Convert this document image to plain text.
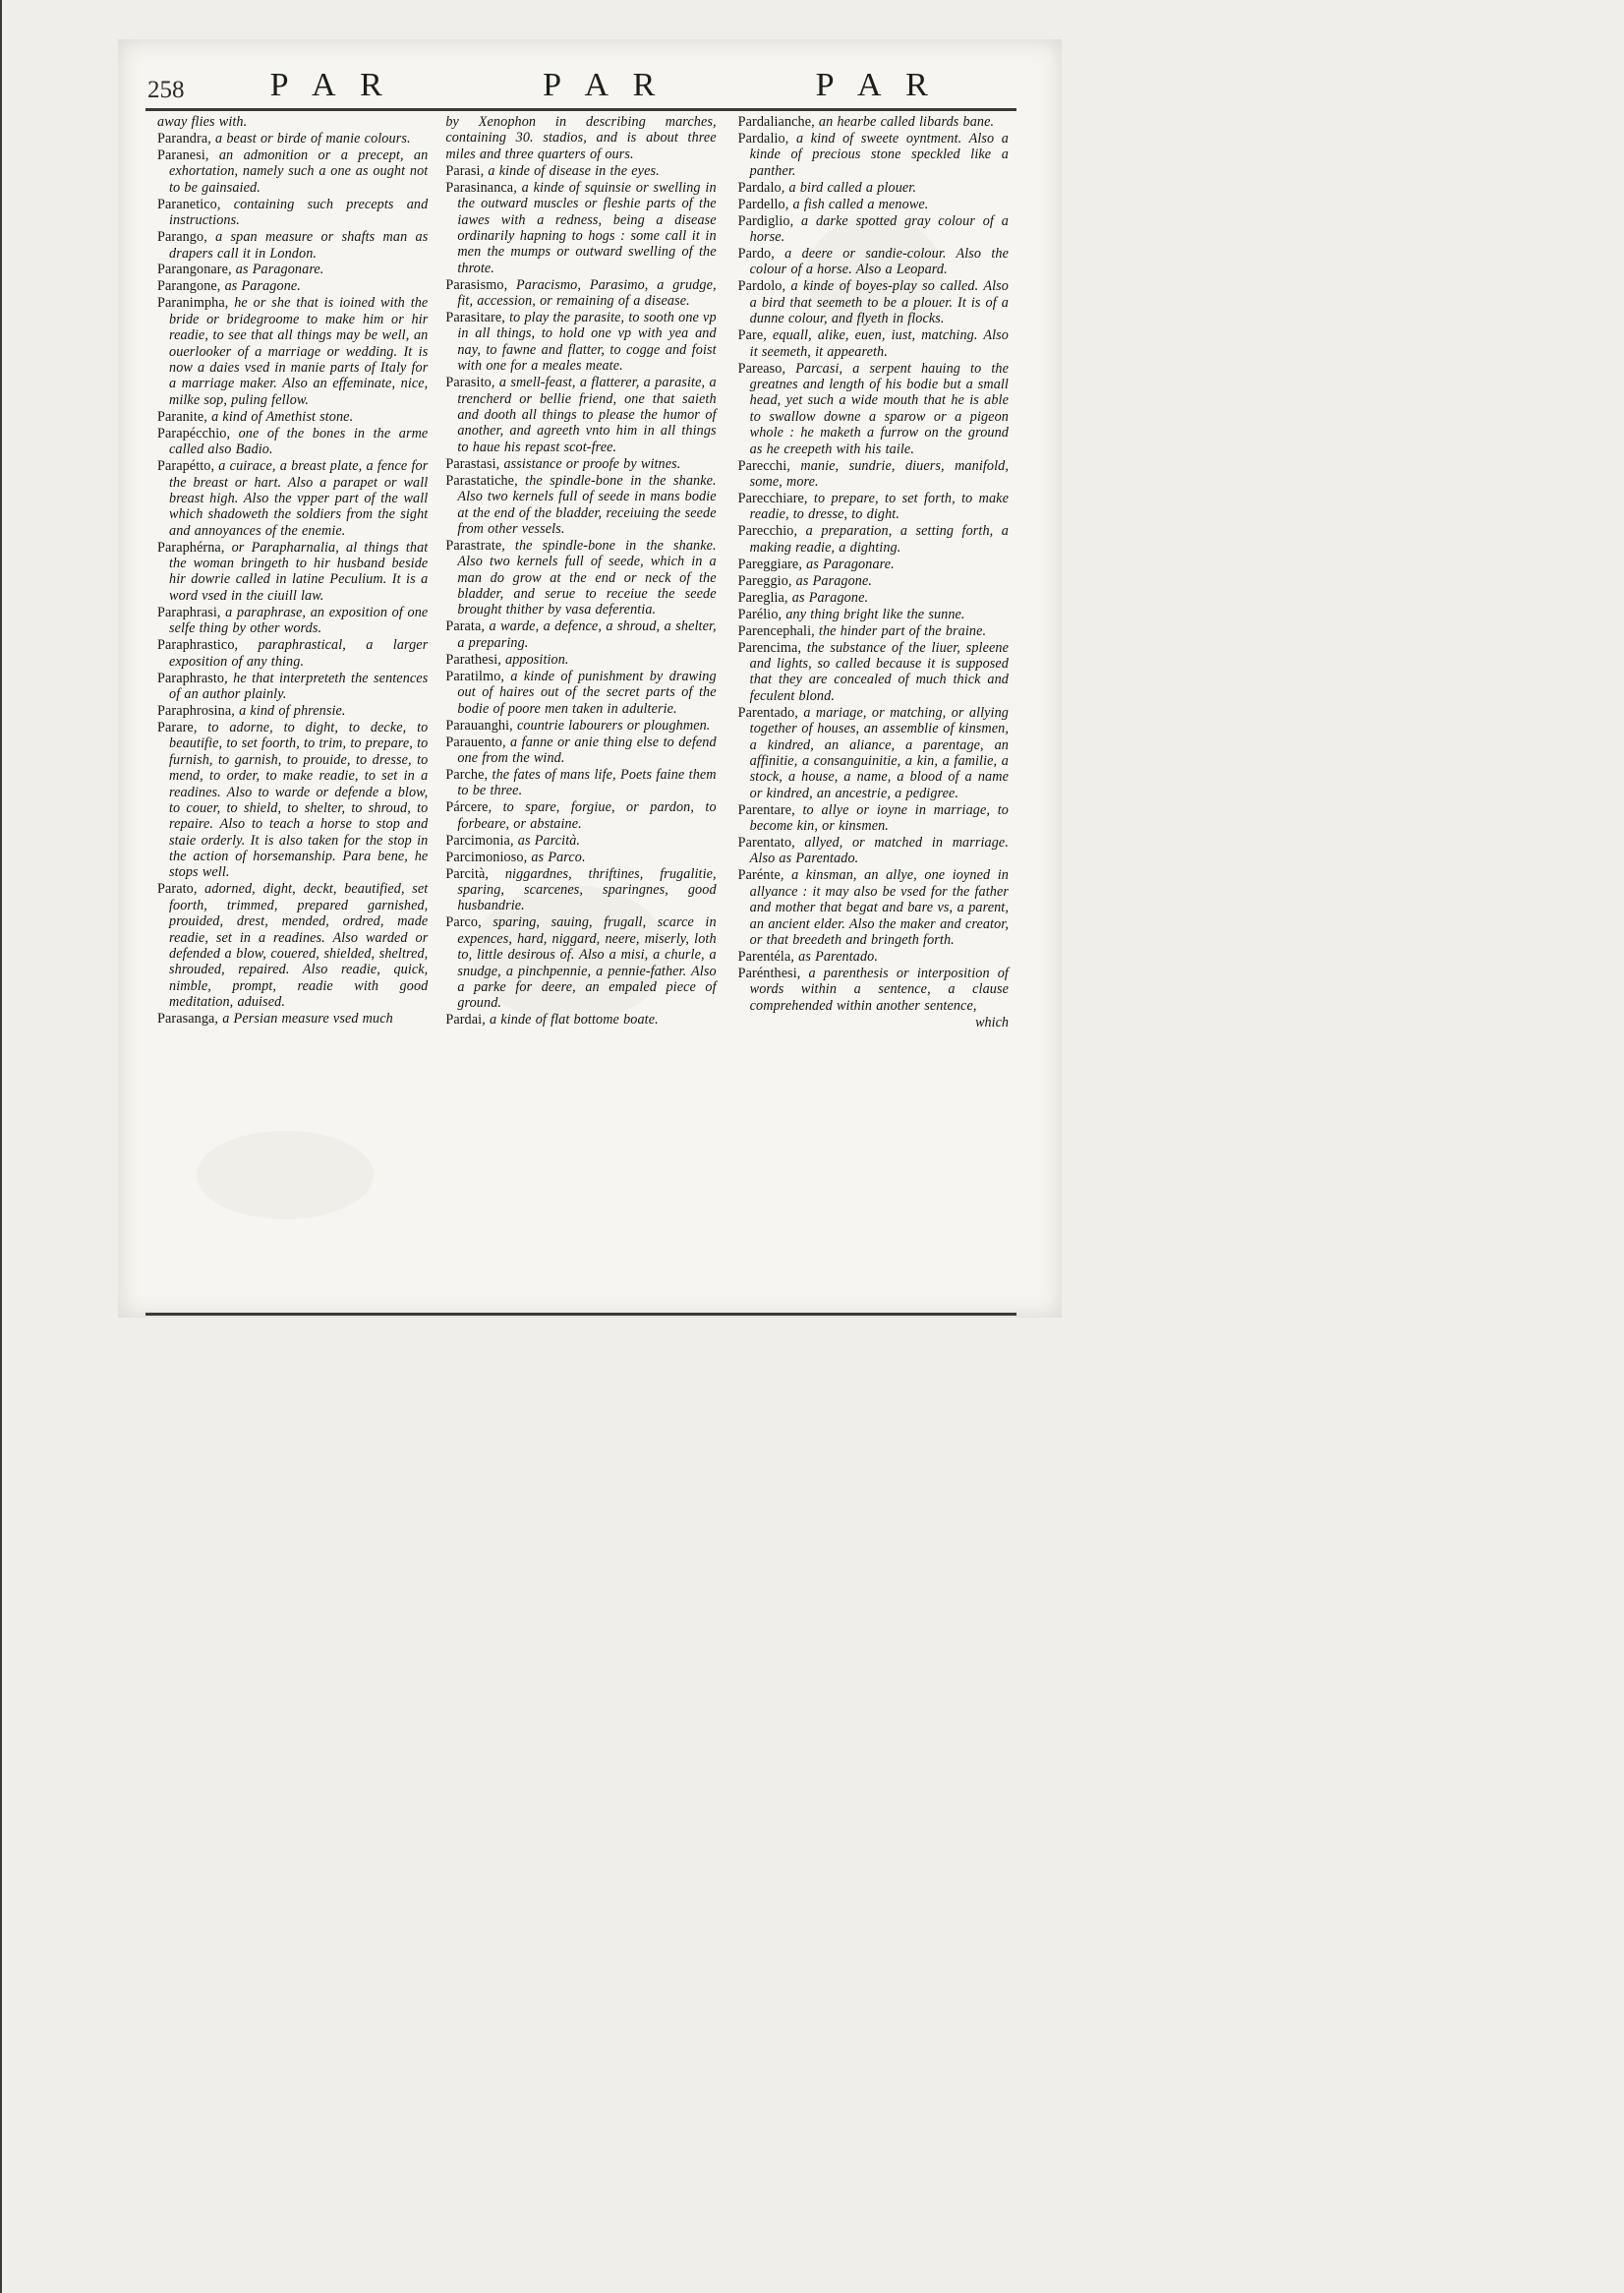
258	P A R	P A R	P A R

away flies with.

Parandra, a beast or birde of manie colours.

Paranesi, an admonition or a precept, an exhortation, namely such a one as ought not to be gainsaied.

Paranetico, containing such precepts and instructions.

Parango, a span measure or shafts man as drapers call it in London.

Parangonare, as Paragonare.

Parangone, as Paragone.

Paranimpha, he or she that is ioined with the bride or bridegroome to make him or hir readie, to see that all things may be well, an ouerlooker of a marriage or wedding. It is now a daies vsed in manie parts of Italy for a marriage maker. Also an effeminate, nice, milke sop, puling fellow.

Paranite, a kind of Amethist stone.

Parapécchio, one of the bones in the arme called also Badio.

Parapétto, a cuirace, a breast plate, a fence for the breast or hart. Also a parapet or wall breast high. Also the vpper part of the wall which shadoweth the soldiers from the sight and annoyances of the enemie.

Paraphérna, or Parapharnalia, al things that the woman bringeth to hir husband beside hir dowrie called in latine Peculium. It is a word vsed in the ciuill law.

Paraphrasi, a paraphrase, an exposition of one selfe thing by other words.

Paraphrastico, paraphrastical, a larger exposition of any thing.

Paraphrasto, he that interpreteth the sentences of an author plainly.

Paraphrosina, a kind of phrensie.

Parare, to adorne, to dight, to decke, to beautifie, to set foorth, to trim, to prepare, to furnish, to garnish, to prouide, to dresse, to mend, to order, to make readie, to set in a readines. Also to warde or defende a blow, to couer, to shield, to shelter, to shroud, to repaire. Also to teach a horse to stop and staie orderly. It is also taken for the stop in the action of horsemanship. Para bene, he stops well.

Parato, adorned, dight, deckt, beautified, set foorth, trimmed, prepared garnished, prouided, drest, mended, ordred, made readie, set in a readines. Also warded or defended a blow, couered, shielded, sheltred, shrouded, repaired. Also readie, quick, nimble, prompt, readie with good meditation, aduised.

Parasanga, a Persian measure vsed much

by Xenophon in describing marches, containing 30. stadios, and is about three miles and three quarters of ours.

Parasi, a kinde of disease in the eyes.

Parasinanca, a kinde of squinsie or swelling in the outward muscles or fleshie parts of the iawes with a redness, being a disease ordinarily hapning to hogs : some call it in men the mumps or outward swelling of the throte.

Parasismo, Paracismo, Parasimo, a grudge, fit, accession, or remaining of a disease.

Parasitare, to play the parasite, to sooth one vp in all things, to hold one vp with yea and nay, to fawne and flatter, to cogge and foist with one for a meales meate.

Parasito, a smell-feast, a flatterer, a parasite, a trencherd or bellie friend, one that saieth and dooth all things to please the humor of another, and agreeth vnto him in all things to haue his repast scot-free.

Parastasi, assistance or proofe by witnes.

Parastatiche, the spindle-bone in the shanke. Also two kernels full of seede in mans bodie at the end of the bladder, receiuing the seede from other vessels.

Parastrate, the spindle-bone in the shanke. Also two kernels full of seede, which in a man do grow at the end or neck of the bladder, and serue to receiue the seede brought thither by vasa deferentia.

Parata, a warde, a defence, a shroud, a shelter, a preparing.

Parathesi, apposition.

Paratilmo, a kinde of punishment by drawing out of haires out of the secret parts of the bodie of poore men taken in adulterie.

Parauanghi, countrie labourers or ploughmen.

Parauento, a fanne or anie thing else to defend one from the wind.

Parche, the fates of mans life, Poets faine them to be three.

Párcere, to spare, forgiue, or pardon, to forbeare, or abstaine.

Parcimonia, as Parcità.

Parcimonioso, as Parco.

Parcità, niggardnes, thriftines, frugalitie, sparing, scarcenes, sparingnes, good husbandrie.

Parco, sparing, sauing, frugall, scarce in expences, hard, niggard, neere, miserly, loth to, little desirous of. Also a misi, a churle, a snudge, a pinchpennie, a pennie-father. Also a parke for deere, an empaled piece of ground.

Pardai, a kinde of flat bottome boate.

Pardalianche, an hearbe called libards bane.

Pardalio, a kind of sweete oyntment. Also a kinde of precious stone speckled like a panther.

Pardalo, a bird called a plouer.

Pardello, a fish called a menowe.

Pardiglio, a darke spotted gray colour of a horse.

Pardo, a deere or sandie-colour. Also the colour of a horse. Also a Leopard.

Pardolo, a kinde of boyes-play so called. Also a bird that seemeth to be a plouer. It is of a dunne colour, and flyeth in flocks.

Pare, equall, alike, euen, iust, matching. Also it seemeth, it appeareth.

Pareaso, Parcasi, a serpent hauing to the greatnes and length of his bodie but a small head, yet such a wide mouth that he is able to swallow downe a sparow or a pigeon whole : he maketh a furrow on the ground as he creepeth with his taile.

Parecchi, manie, sundrie, diuers, manifold, some, more.

Parecchiare, to prepare, to set forth, to make readie, to dresse, to dight.

Parecchio, a preparation, a setting forth, a making readie, a dighting.

Pareggiare, as Paragonare.

Pareggio, as Paragone.

Pareglia, as Paragone.

Parélio, any thing bright like the sunne.

Parencephali, the hinder part of the braine.

Parencima, the substance of the liuer, spleene and lights, so called because it is supposed that they are concealed of much thick and feculent blond.

Parentado, a mariage, or matching, or allying together of houses, an assemblie of kinsmen, a kindred, an aliance, a parentage, an affinitie, a consanguinitie, a kin, a familie, a stock, a house, a name, a blood of a name or kindred, an ancestrie, a pedigree.

Parentare, to allye or ioyne in marriage, to become kin, or kinsmen.

Parentato, allyed, or matched in marriage. Also as Parentado.

Parénte, a kinsman, an allye, one ioyned in allyance : it may also be vsed for the father and mother that begat and bare vs, a parent, an ancient elder. Also the maker and creator, or that breedeth and bringeth forth.

Parentéla, as Parentado.

Parénthesi, a parenthesis or interposition of words within a sentence, a clause comprehended within another sentence,

which
